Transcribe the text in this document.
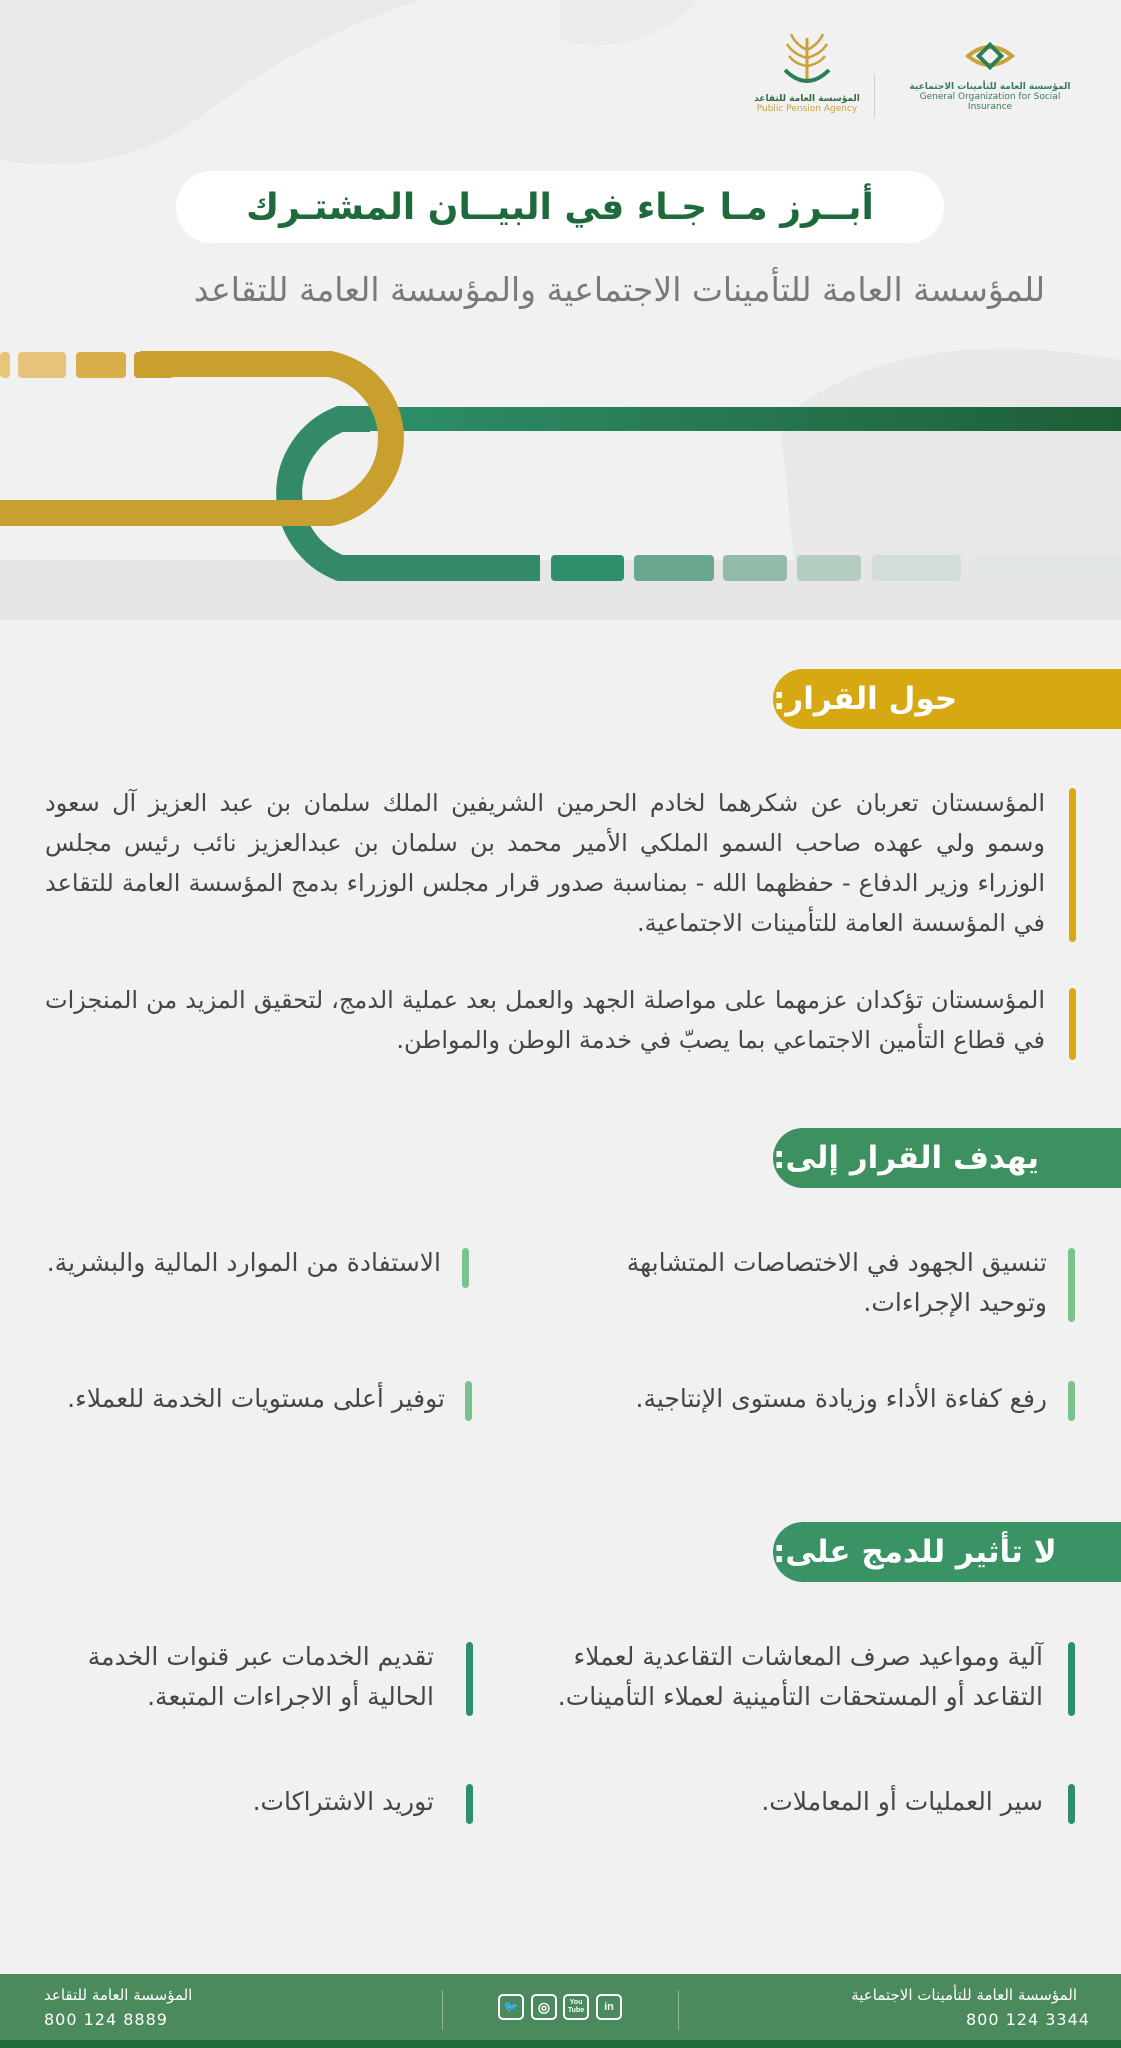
المؤسسة العامة للتأمينات الاجتماعية
General Organization for Social Insurance
المؤسسة العامة للتقاعد
Public Pension Agency
أبــرز مـا جـاء في البيــان المشتـرك
للمؤسسة العامة للتأمينات الاجتماعية والمؤسسة العامة للتقاعد
حول القرار:
المؤسستان تعربان عن شكرهما لخادم الحرمين الشريفين الملك سلمان بن عبد العزيز آل سعود وسمو ولي عهده صاحب السمو الملكي الأمير محمد بن سلمان بن عبدالعزيز نائب رئيس مجلس الوزراء وزير الدفاع - حفظهما الله - بمناسبة صدور قرار مجلس الوزراء بدمج المؤسسة العامة للتقاعد في المؤسسة العامة للتأمينات الاجتماعية.
المؤسستان تؤكدان عزمهما على مواصلة الجهد والعمل بعد عملية الدمج، لتحقيق المزيد من المنجزات في قطاع التأمين الاجتماعي بما يصبّ في خدمة الوطن والمواطن.
يهدف القرار إلى:
تنسيق الجهود في الاختصاصات المتشابهة وتوحيد الإجراءات.
الاستفادة من الموارد المالية والبشرية.
رفع كفاءة الأداء وزيادة مستوى الإنتاجية.
توفير أعلى مستويات الخدمة للعملاء.
لا تأثير للدمج على:
آلية ومواعيد صرف المعاشات التقاعدية لعملاء التقاعد أو المستحقات التأمينية لعملاء التأمينات.
تقديم الخدمات عبر قنوات الخدمة الحالية أو الاجراءات المتبعة.
سير العمليات أو المعاملات.
توريد الاشتراكات.
المؤسسة العامة للتأمينات الاجتماعية
800 124 3344
in
You Tube
◎
🐦
المؤسسة العامة للتقاعد
800 124 8889
